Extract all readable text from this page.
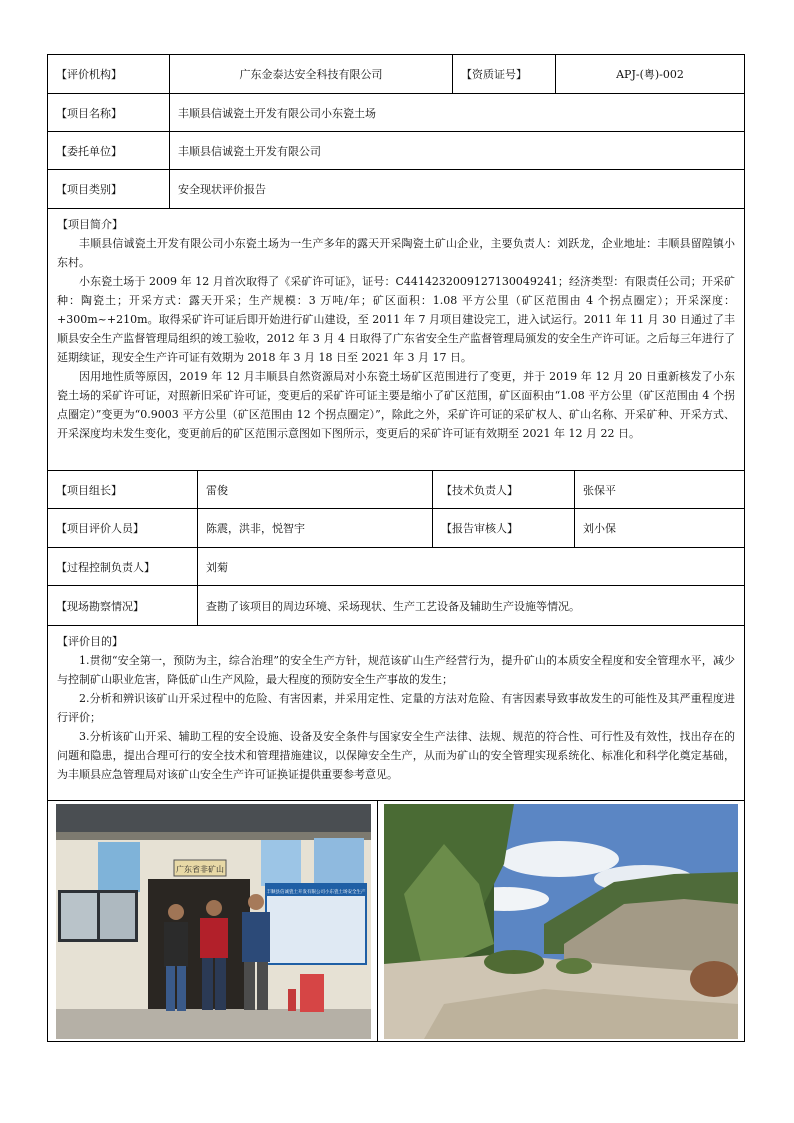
【评价机构】	广东金泰达安全科技有限公司	【资质证号】	APJ-(粤)-002
【项目名称】	丰顺县信诚瓷土开发有限公司小东瓷土场
【委托单位】	丰顺县信诚瓷土开发有限公司
【项目类别】	安全现状评价报告
【项目简介】

丰顺县信诚瓷土开发有限公司小东瓷土场为一生产多年的露天开采陶瓷土矿山企业，主要负责人：刘跃龙，企业地址：丰顺县留隍镇小东村。

小东瓷土场于 2009 年 12 月首次取得了《采矿许可证》，证号：C4414232009127130049241；经济类型：有限责任公司；开采矿种：陶瓷土；开采方式：露天开采；生产规模：3 万吨/年；矿区面积：1.08 平方公里（矿区范围由 4 个拐点圈定）；开采深度：+300m~+210m。取得采矿许可证后即开始进行矿山建设，至 2011 年 7 月项目建设完工，进入试运行。2011 年 11 月 30 日通过了丰顺县安全生产监督管理局组织的竣工验收，2012 年 3 月 4 日取得了广东省安全生产监督管理局颁发的安全生产许可证。之后每三年进行了延期续证，现安全生产许可证有效期为 2018 年 3 月 18 日至 2021 年 3 月 17 日。

因用地性质等原因，2019 年 12 月丰顺县自然资源局对小东瓷土场矿区范围进行了变更，并于 2019 年 12 月 20 日重新核发了小东瓷土场的采矿许可证，对照新旧采矿许可证，变更后的采矿许可证主要是缩小了矿区范围，矿区面积由“1.08 平方公里（矿区范围由 4 个拐点圈定）”变更为“0.9003 平方公里（矿区范围由 12 个拐点圈定）”，除此之外，采矿许可证的采矿权人、矿山名称、开采矿种、开采方式、开采深度均未发生变化，变更前后的矿区范围示意图如下图所示，变更后的采矿许可证有效期至 2021 年 12 月 22 日。

【项目组长】	雷俊	【技术负责人】	张保平
【项目评价人员】	陈震，洪非，悦智宇	【报告审核人】	刘小保
【过程控制负责人】	刘菊
【现场勘察情况】	查勘了该项目的周边环境、采场现状、生产工艺设备及辅助生产设施等情况。
【评价目的】

1.贯彻“安全第一，预防为主，综合治理”的安全生产方针，规范该矿山生产经营行为，提升矿山的本质安全程度和安全管理水平，减少与控制矿山职业危害，降低矿山生产风险，最大程度的预防安全生产事故的发生；

2.分析和辨识该矿山开采过程中的危险、有害因素，并采用定性、定量的方法对危险、有害因素导致事故发生的可能性及其严重程度进行评价；

3.分析该矿山开采、辅助工程的安全设施、设备及安全条件与国家安全生产法律、法规、规范的符合性、可行性及有效性，找出存在的问题和隐患，提出合理可行的安全技术和管理措施建议，以保障安全生产，从而为矿山的安全管理实现系统化、标准化和科学化奠定基础，为丰顺县应急管理局对该矿山安全生产许可证换证提供重要参考意见。

广东省非矿山
丰顺县信诚瓷土开发有限公司小东瓷土场安全生产
